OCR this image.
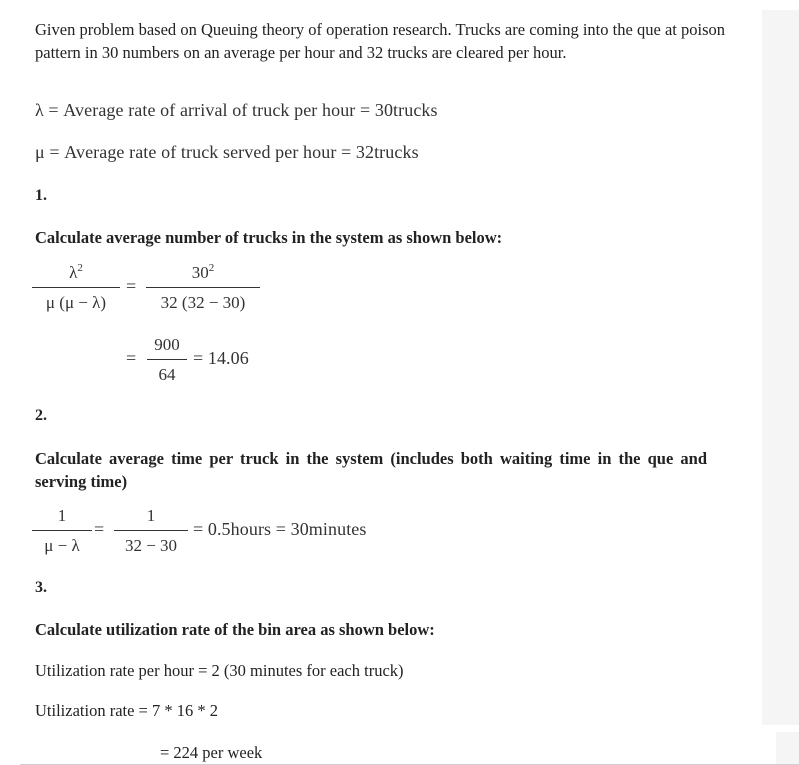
Given problem based on Queuing theory of operation research. Trucks are coming into the que at poison pattern in 30 numbers on an average per hour and 32 trucks are cleared per hour.
λ = Average rate of arrival of truck per hour = 30trucks
μ = Average rate of truck served per hour = 32trucks
1.
Calculate average number of trucks in the system as shown below:
$\lambda^2$
μ (μ − λ)
=
$30^2$
32 (32 − 30)
=
900
64
= 14.06
2.
Calculate average time per truck in the system (includes both waiting time in the que and serving time)
1
μ − λ
=
1
32 − 30
= 0.5hours = 30minutes
3.
Calculate utilization rate of the bin area as shown below:
Utilization rate per hour = 2 (30 minutes for each truck)
Utilization rate = 7 * 16 * 2
= 224 per week
